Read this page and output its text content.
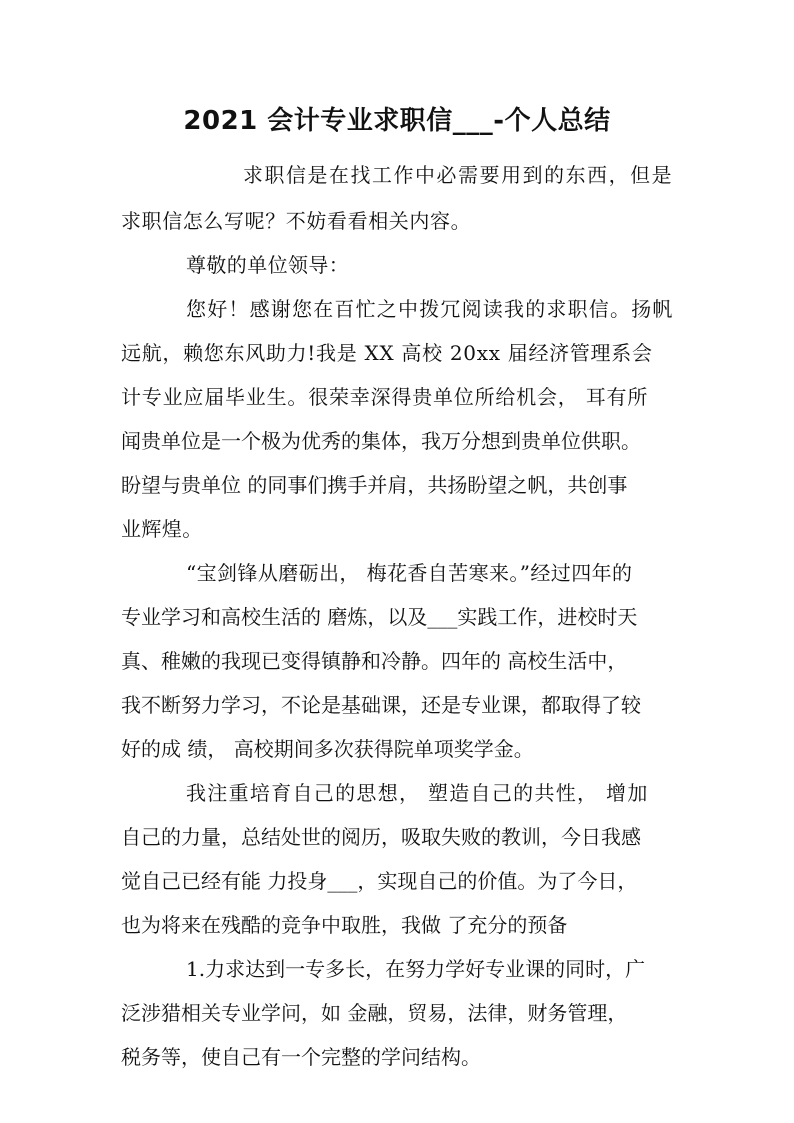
2021 会计专业求职信___-个人总结
求职信是在找工作中必需要用到的东西，但是
求职信怎么写呢？不妨看看相关内容。
尊敬的单位领导：
您好！感谢您在百忙之中拨冗阅读我的求职信。扬帆
远航，赖您东风助力!我是 XX 高校 20xx 届经济管理系会
计专业应届毕业生。很荣幸深得贵单位所给机会， 耳有所
闻贵单位是一个极为优秀的集体，我万分想到贵单位供职。
盼望与贵单位 的同事们携手并肩，共扬盼望之帆，共创事
业辉煌。
“宝剑锋从磨砺出， 梅花香自苦寒来。”经过四年的
专业学习和高校生活的 磨炼，以及___实践工作，进校时天
真、稚嫩的我现已变得镇静和冷静。四年的 高校生活中，
我不断努力学习，不论是基础课，还是专业课，都取得了较
好的成 绩， 高校期间多次获得院单项奖学金。
我注重培育自己的思想， 塑造自己的共性， 增加
自己的力量，总结处世的阅历，吸取失败的教训，今日我感
觉自己已经有能 力投身___，实现自己的价值。为了今日，
也为将来在残酷的竞争中取胜，我做 了充分的预备
1.力求达到一专多长，在努力学好专业课的同时，广
泛涉猎相关专业学问，如 金融，贸易，法律，财务管理，
税务等，使自己有一个完整的学问结构。
